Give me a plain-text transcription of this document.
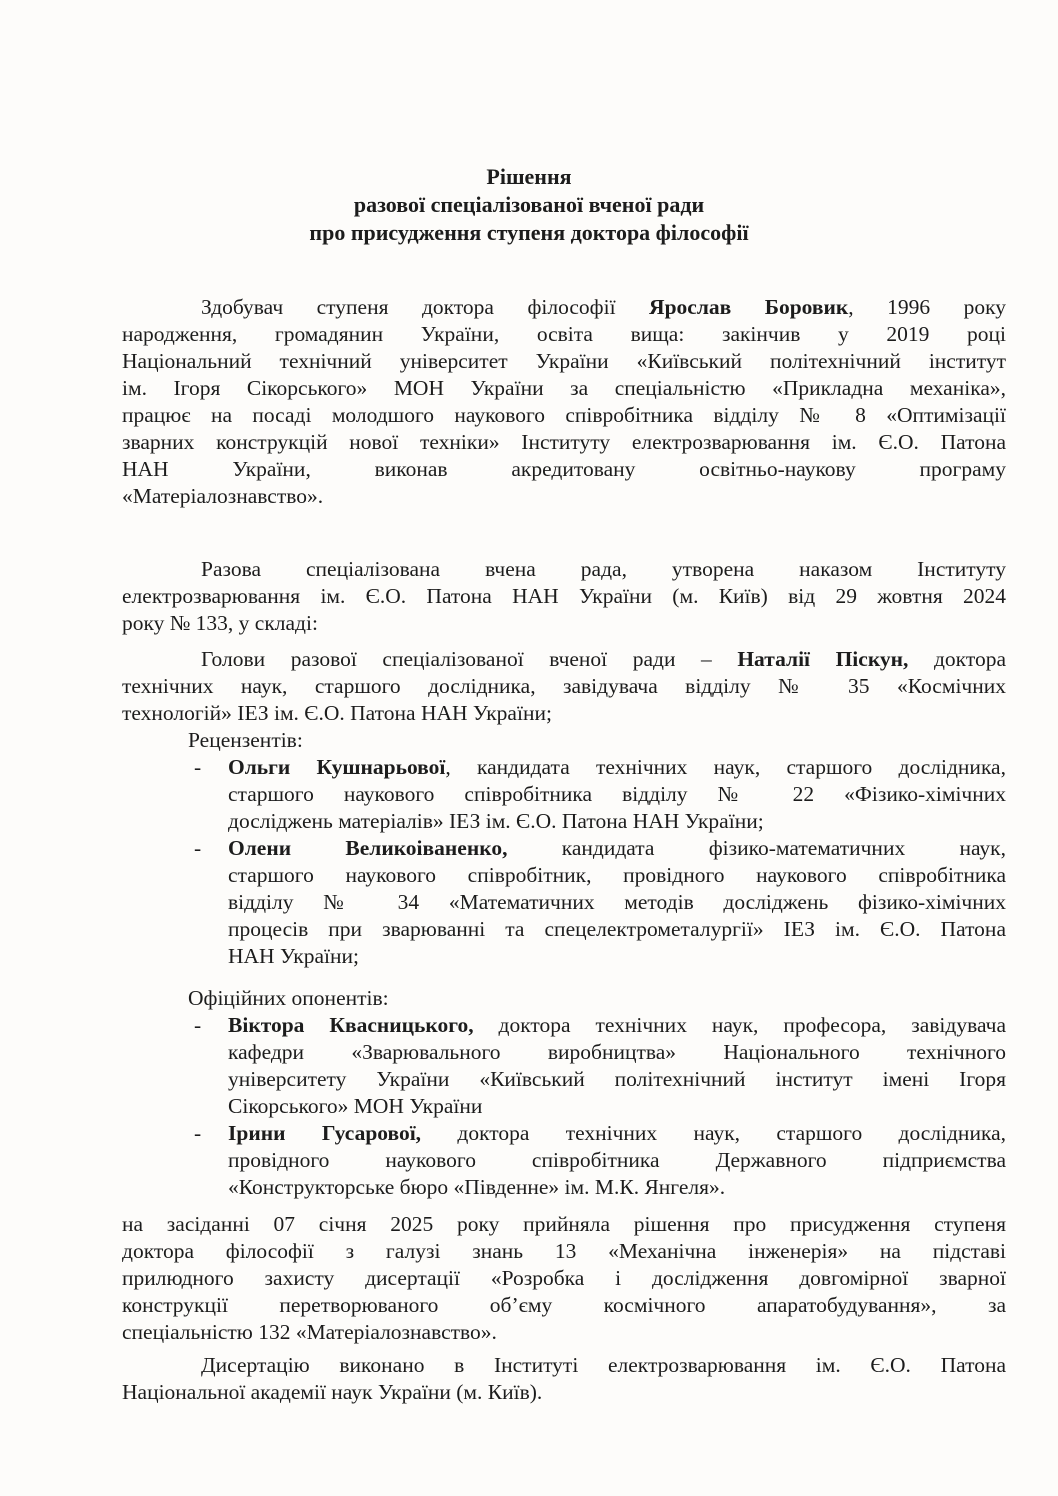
Рішення
разової спеціалізованої вченої ради
про присудження ступеня доктора філософії
Здобувач ступеня доктора філософії Ярослав Боровик, 1996 року
народження, громадянин України, освіта вища: закінчив у 2019 році
Національний технічний університет України «Київський політехнічний інститут
ім. Ігоря Сікорського» МОН України за спеціальністю «Прикладна механіка»,
працює на посаді молодшого наукового співробітника відділу № 8 «Оптимізації
зварних конструкцій нової техніки» Інституту електрозварювання ім. Є.О. Патона
НАН України, виконав акредитовану освітньо-наукову програму
«Матеріалознавство».
Разова спеціалізована вчена рада, утворена наказом Інституту
електрозварювання ім. Є.О. Патона НАН України (м. Київ) від 29 жовтня 2024
року № 133, у складі:
Голови разової спеціалізованої вченої ради – Наталії Піскун, доктора
технічних наук, старшого дослідника, завідувача відділу № 35 «Космічних
технологій» ІЕЗ ім. Є.О. Патона НАН України;
Рецензентів:
- Ольги Кушнарьової, кандидата технічних наук, старшого дослідника,
старшого наукового співробітника відділу № 22 «Фізико-хімічних
досліджень матеріалів» ІЕЗ ім. Є.О. Патона НАН України;
- Олени Великоіваненко, кандидата фізико-математичних наук,
старшого наукового співробітник, провідного наукового співробітника
відділу № 34 «Математичних методів досліджень фізико-хімічних
процесів при зварюванні та спецелектрометалургії» ІЕЗ ім. Є.О. Патона
НАН України;
Офіційних опонентів:
- Віктора Квасницького, доктора технічних наук, професора, завідувача
кафедри «Зварювального виробництва» Національного технічного
університету України «Київський політехнічний інститут імені Ігоря
Сікорського» МОН України
- Ірини Гусарової, доктора технічних наук, старшого дослідника,
провідного наукового співробітника Державного підприємства
«Конструкторське бюро «Південне» ім. М.К. Янгеля».
на засіданні 07 січня 2025 року прийняла рішення про присудження ступеня
доктора філософії з галузі знань 13 «Механічна інженерія» на підставі
прилюдного захисту дисертації «Розробка і дослідження довгомірної зварної
конструкції перетворюваного об’єму космічного апаратобудування», за
спеціальністю 132 «Матеріалознавство».
Дисертацію виконано в Інституті електрозварювання ім. Є.О. Патона
Національної академії наук України (м. Київ).
